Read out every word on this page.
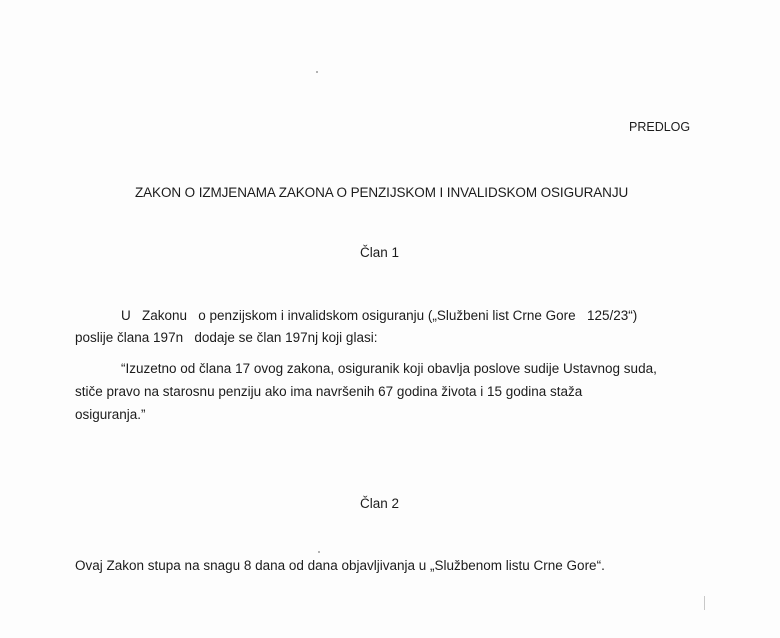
PREDLOG
ZAKON O IZMJENAMA ZAKONA O PENZIJSKOM I INVALIDSKOM OSIGURANJU
Član 1
U   Zakonu   o penzijskom i invalidskom osiguranju („Službeni list Crne Gore   125/23“)
poslije člana 197n   dodaje se član 197nj koji glasi:
“Izuzetno od člana 17 ovog zakona, osiguranik koji obavlja poslove sudije Ustavnog suda,
stiče pravo na starosnu penziju ako ima navršenih 67 godina života i 15 godina staža
osiguranja.”
Član 2
Ovaj Zakon stupa na snagu 8 dana od dana objavljivanja u „Službenom listu Crne Gore“.
